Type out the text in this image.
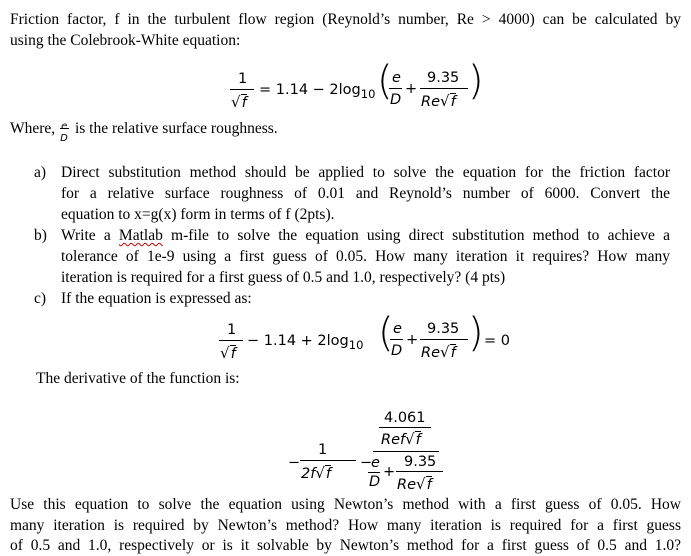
Friction factor, f in the turbulent flow region (Reynold’s number, Re > 4000) can be calculated by
using the Colebrook-White equation:
1
√f
= $1.14 - 2\log_{10}$ ( e
D
+
9.35
Re√f )
Where, e
D
is the relative surface roughness.
a) Direct substitution method should be applied to solve the equation for the friction factor
for a relative surface roughness of 0.01 and Reynold’s number of 6000. Convert the
equation to x=g(x) form in terms of f (2pts).
b) Write a Matlab m-file to solve the equation using direct substitution method to achieve a
tolerance of 1e-9 using a first guess of 0.05. How many iteration it requires? How many
iteration is required for a first guess of 0.5 and 1.0, respectively? (4 pts)
c) If the equation is expressed as:
1
√f
− $1.14 + 2\log_{10}$ ( e
D
+
9.35
Re√f ) = 0
The derivative of the function is:
−
1
2f√f
−
4.061
Ref√f
e
D
+
9.35
Re√f
Use this equation to solve the equation using Newton’s method with a first guess of 0.05. How
many iteration is required by Newton’s method? How many iteration is required for a first guess
of 0.5 and 1.0, respectively or is it solvable by Newton’s method for a first guess of 0.5 and 1.0?
